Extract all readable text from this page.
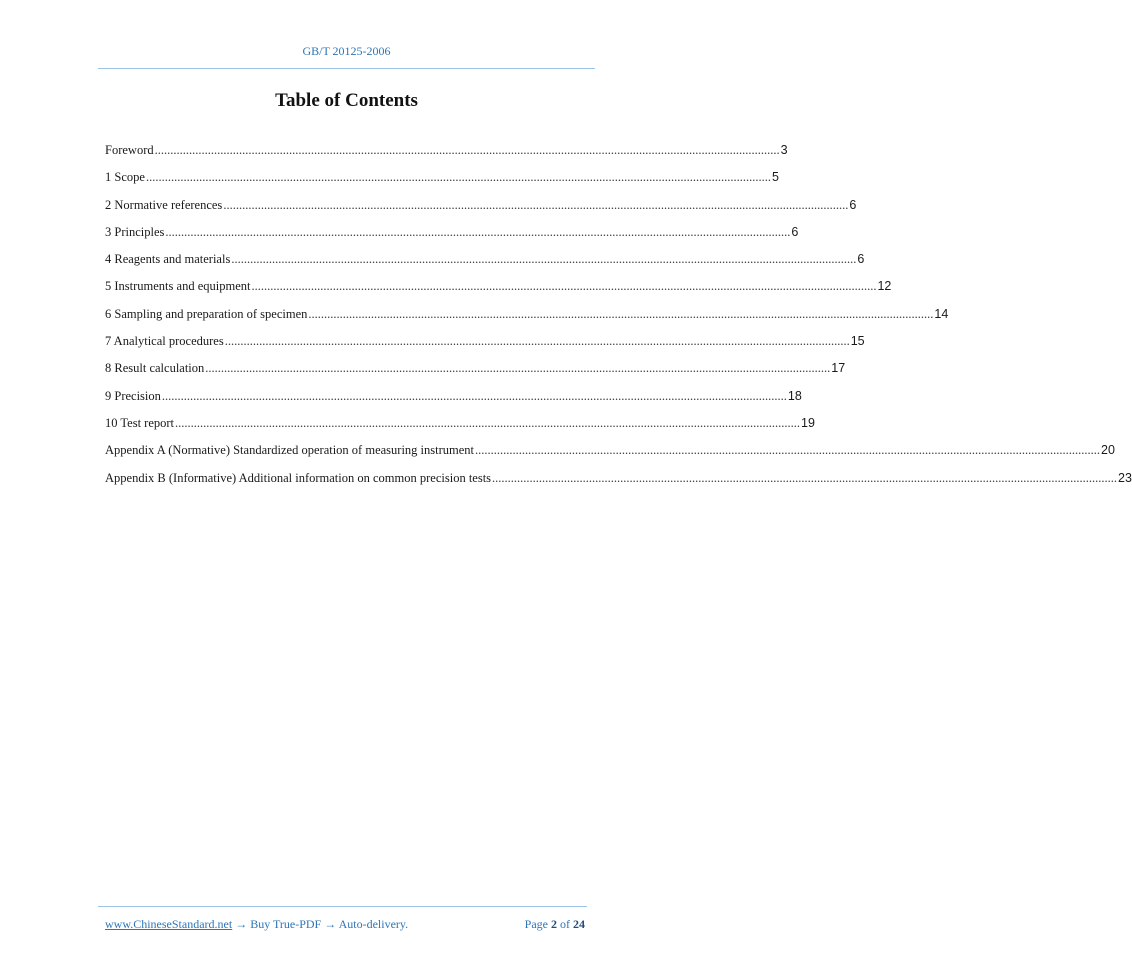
GB/T 20125-2006
Table of Contents
Foreword ........................................................................................................................................................................................................ 3
1 Scope ........................................................................................................................................................................................................ 5
2 Normative references ........................................................................................................................................................................................................ 6
3 Principles ........................................................................................................................................................................................................ 6
4 Reagents and materials ........................................................................................................................................................................................................ 6
5 Instruments and equipment ........................................................................................................................................................................................................ 12
6 Sampling and preparation of specimen ........................................................................................................................................................................................................ 14
7 Analytical procedures ........................................................................................................................................................................................................ 15
8 Result calculation ........................................................................................................................................................................................................ 17
9 Precision ........................................................................................................................................................................................................ 18
10 Test report ........................................................................................................................................................................................................ 19
Appendix A (Normative) Standardized operation of measuring instrument ........................................................................................................................................................................................................ 20
Appendix B (Informative) Additional information on common precision tests ........................................................................................................................................................................................................ 23
www.ChineseStandard.net → Buy True-PDF → Auto-delivery.	Page 2 of 24
